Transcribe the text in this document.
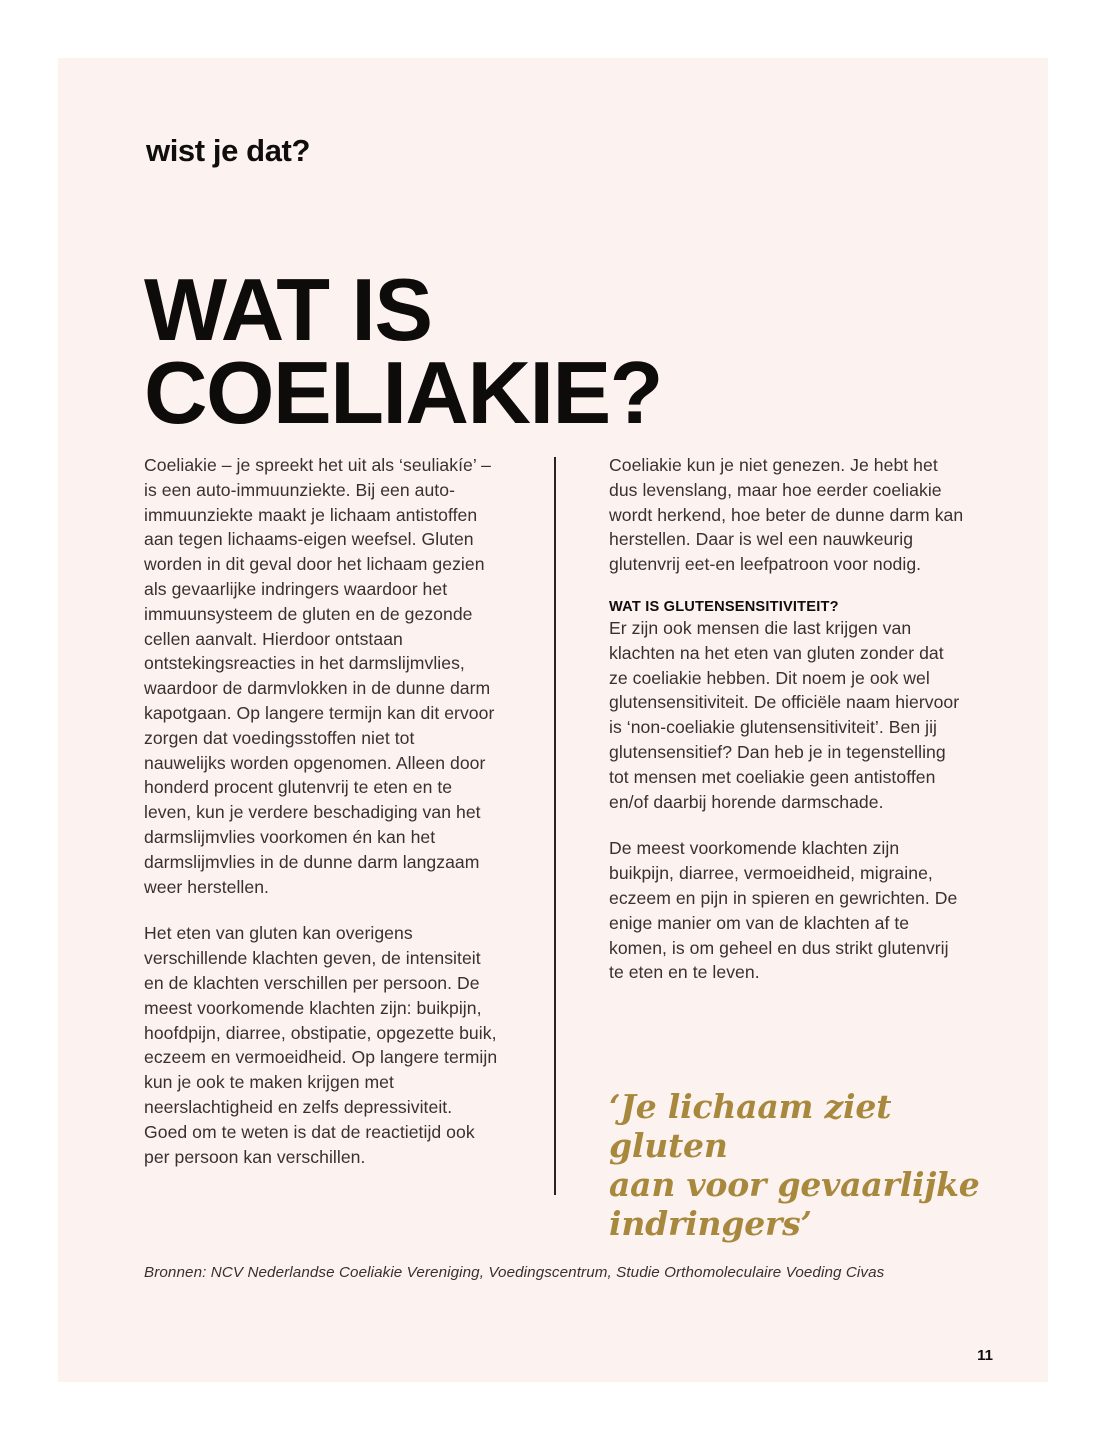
wist je dat?
WAT IS
COELIAKIE?

Coeliakie – je spreekt het uit als ‘seuliakíe’ – is een auto-immuunziekte. Bij een auto-immuunziekte maakt je lichaam antistoffen aan tegen lichaams-eigen weefsel. Gluten worden in dit geval door het lichaam gezien als gevaarlijke indringers waardoor het immuunsysteem de gluten en de gezonde cellen aanvalt. Hierdoor ontstaan ontstekingsreacties in het darmslijmvlies, waardoor de darmvlokken in de dunne darm kapotgaan. Op langere termijn kan dit ervoor zorgen dat voedingsstoffen niet tot nauwelijks worden opgenomen. Alleen door honderd procent glutenvrij te eten en te leven, kun je verdere beschadiging van het darmslijmvlies voorkomen én kan het darmslijmvlies in de dunne darm langzaam weer herstellen.

Het eten van gluten kan overigens verschillende klachten geven, de intensiteit en de klachten verschillen per persoon. De meest voorkomende klachten zijn: buikpijn, hoofdpijn, diarree, obstipatie, opgezette buik, eczeem en vermoeidheid. Op langere termijn kun je ook te maken krijgen met neerslachtigheid en zelfs depressiviteit. Goed om te weten is dat de reactietijd ook per persoon kan verschillen.

Coeliakie kun je niet genezen. Je hebt het dus levenslang, maar hoe eerder coeliakie wordt herkend, hoe beter de dunne darm kan herstellen. Daar is wel een nauwkeurig glutenvrij eet-en leefpatroon voor nodig.

WAT IS GLUTENSENSITIVITEIT?

Er zijn ook mensen die last krijgen van klachten na het eten van gluten zonder dat ze coeliakie hebben. Dit noem je ook wel glutensensitiviteit. De officiële naam hiervoor is ‘non-coeliakie glutensensitiviteit’. Ben jij glutensensitief? Dan heb je in tegenstelling tot mensen met coeliakie geen antistoffen en/of daarbij horende darmschade.

De meest voorkomende klachten zijn buikpijn, diarree, vermoeidheid, migraine, eczeem en pijn in spieren en gewrichten. De enige manier om van de klachten af te komen, is om geheel en dus strikt glutenvrij te eten en te leven.

‘Je lichaam ziet gluten
aan voor gevaarlijke
indringers’
Bronnen: NCV Nederlandse Coeliakie Vereniging, Voedingscentrum, Studie Orthomoleculaire Voeding Civas
11
